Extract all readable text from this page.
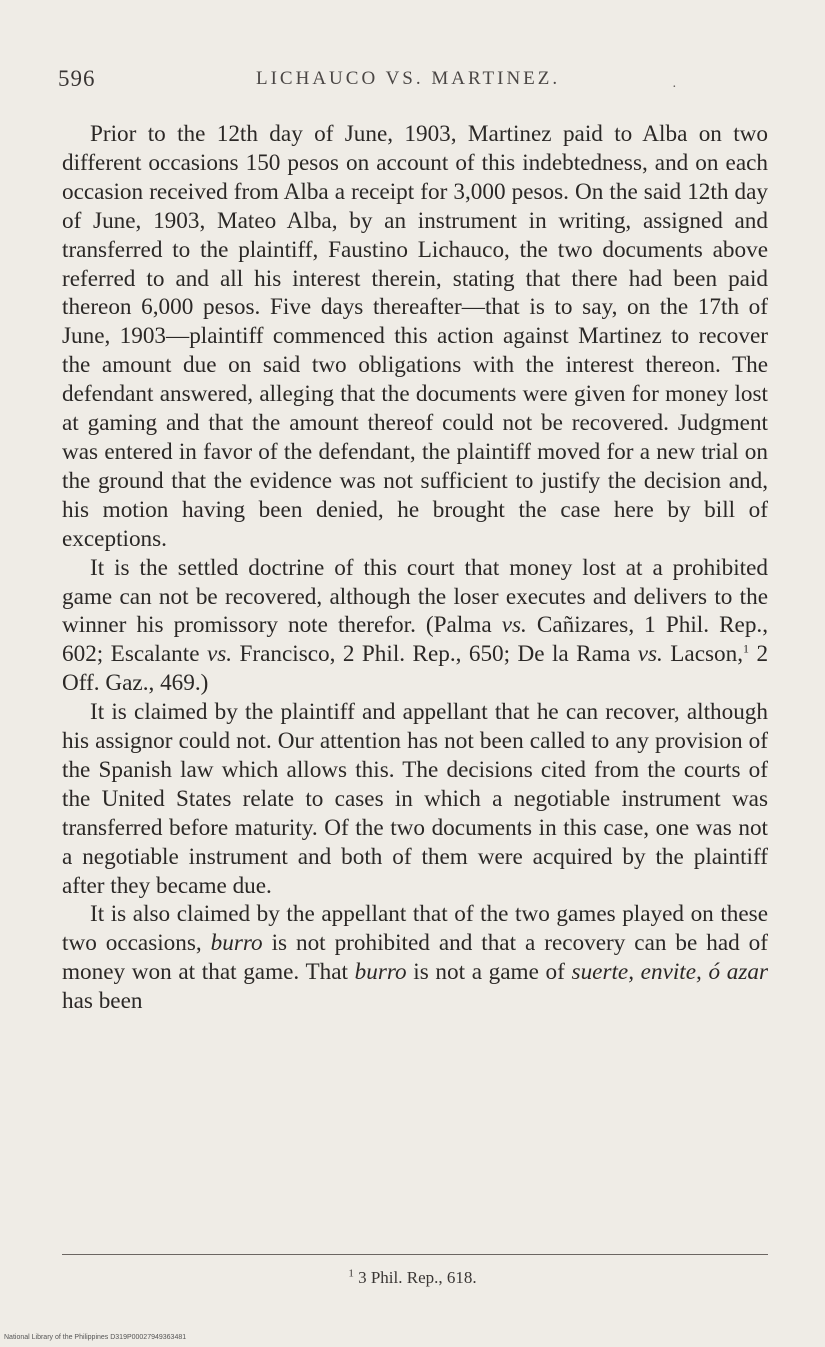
596	LICHAUCO VS. MARTINEZ.	·

Prior to the 12th day of June, 1903, Martinez paid to Alba on two different occasions 150 pesos on account of this indebtedness, and on each occasion received from Alba a receipt for 3,000 pesos. On the said 12th day of June, 1903, Mateo Alba, by an instrument in writing, assigned and transferred to the plaintiff, Faustino Lichauco, the two documents above referred to and all his interest therein, stating that there had been paid thereon 6,000 pesos. Five days thereafter—that is to say, on the 17th of June, 1903—plaintiff commenced this action against Martinez to recover the amount due on said two obligations with the interest thereon. The defendant answered, alleging that the documents were given for money lost at gaming and that the amount thereof could not be recovered. Judgment was entered in favor of the defendant, the plaintiff moved for a new trial on the ground that the evidence was not sufficient to justify the decision and, his motion having been denied, he brought the case here by bill of exceptions.

It is the settled doctrine of this court that money lost at a prohibited game can not be recovered, although the loser executes and delivers to the winner his promissory note therefor. (Palma vs. Cañizares, 1 Phil. Rep., 602; Escalante vs. Francisco, 2 Phil. Rep., 650; De la Rama vs. Lacson,$^1$ 2 Off. Gaz., 469.)

It is claimed by the plaintiff and appellant that he can recover, although his assignor could not. Our attention has not been called to any provision of the Spanish law which allows this. The decisions cited from the courts of the United States relate to cases in which a negotiable instrument was transferred before maturity. Of the two documents in this case, one was not a negotiable instrument and both of them were acquired by the plaintiff after they became due.

It is also claimed by the appellant that of the two games played on these two occasions, burro is not prohibited and that a recovery can be had of money won at that game. That burro is not a game of suerte, envite, ó azar has been

$^1$ 3 Phil. Rep., 618.
National Library of the Philippines D319P00027949363481
